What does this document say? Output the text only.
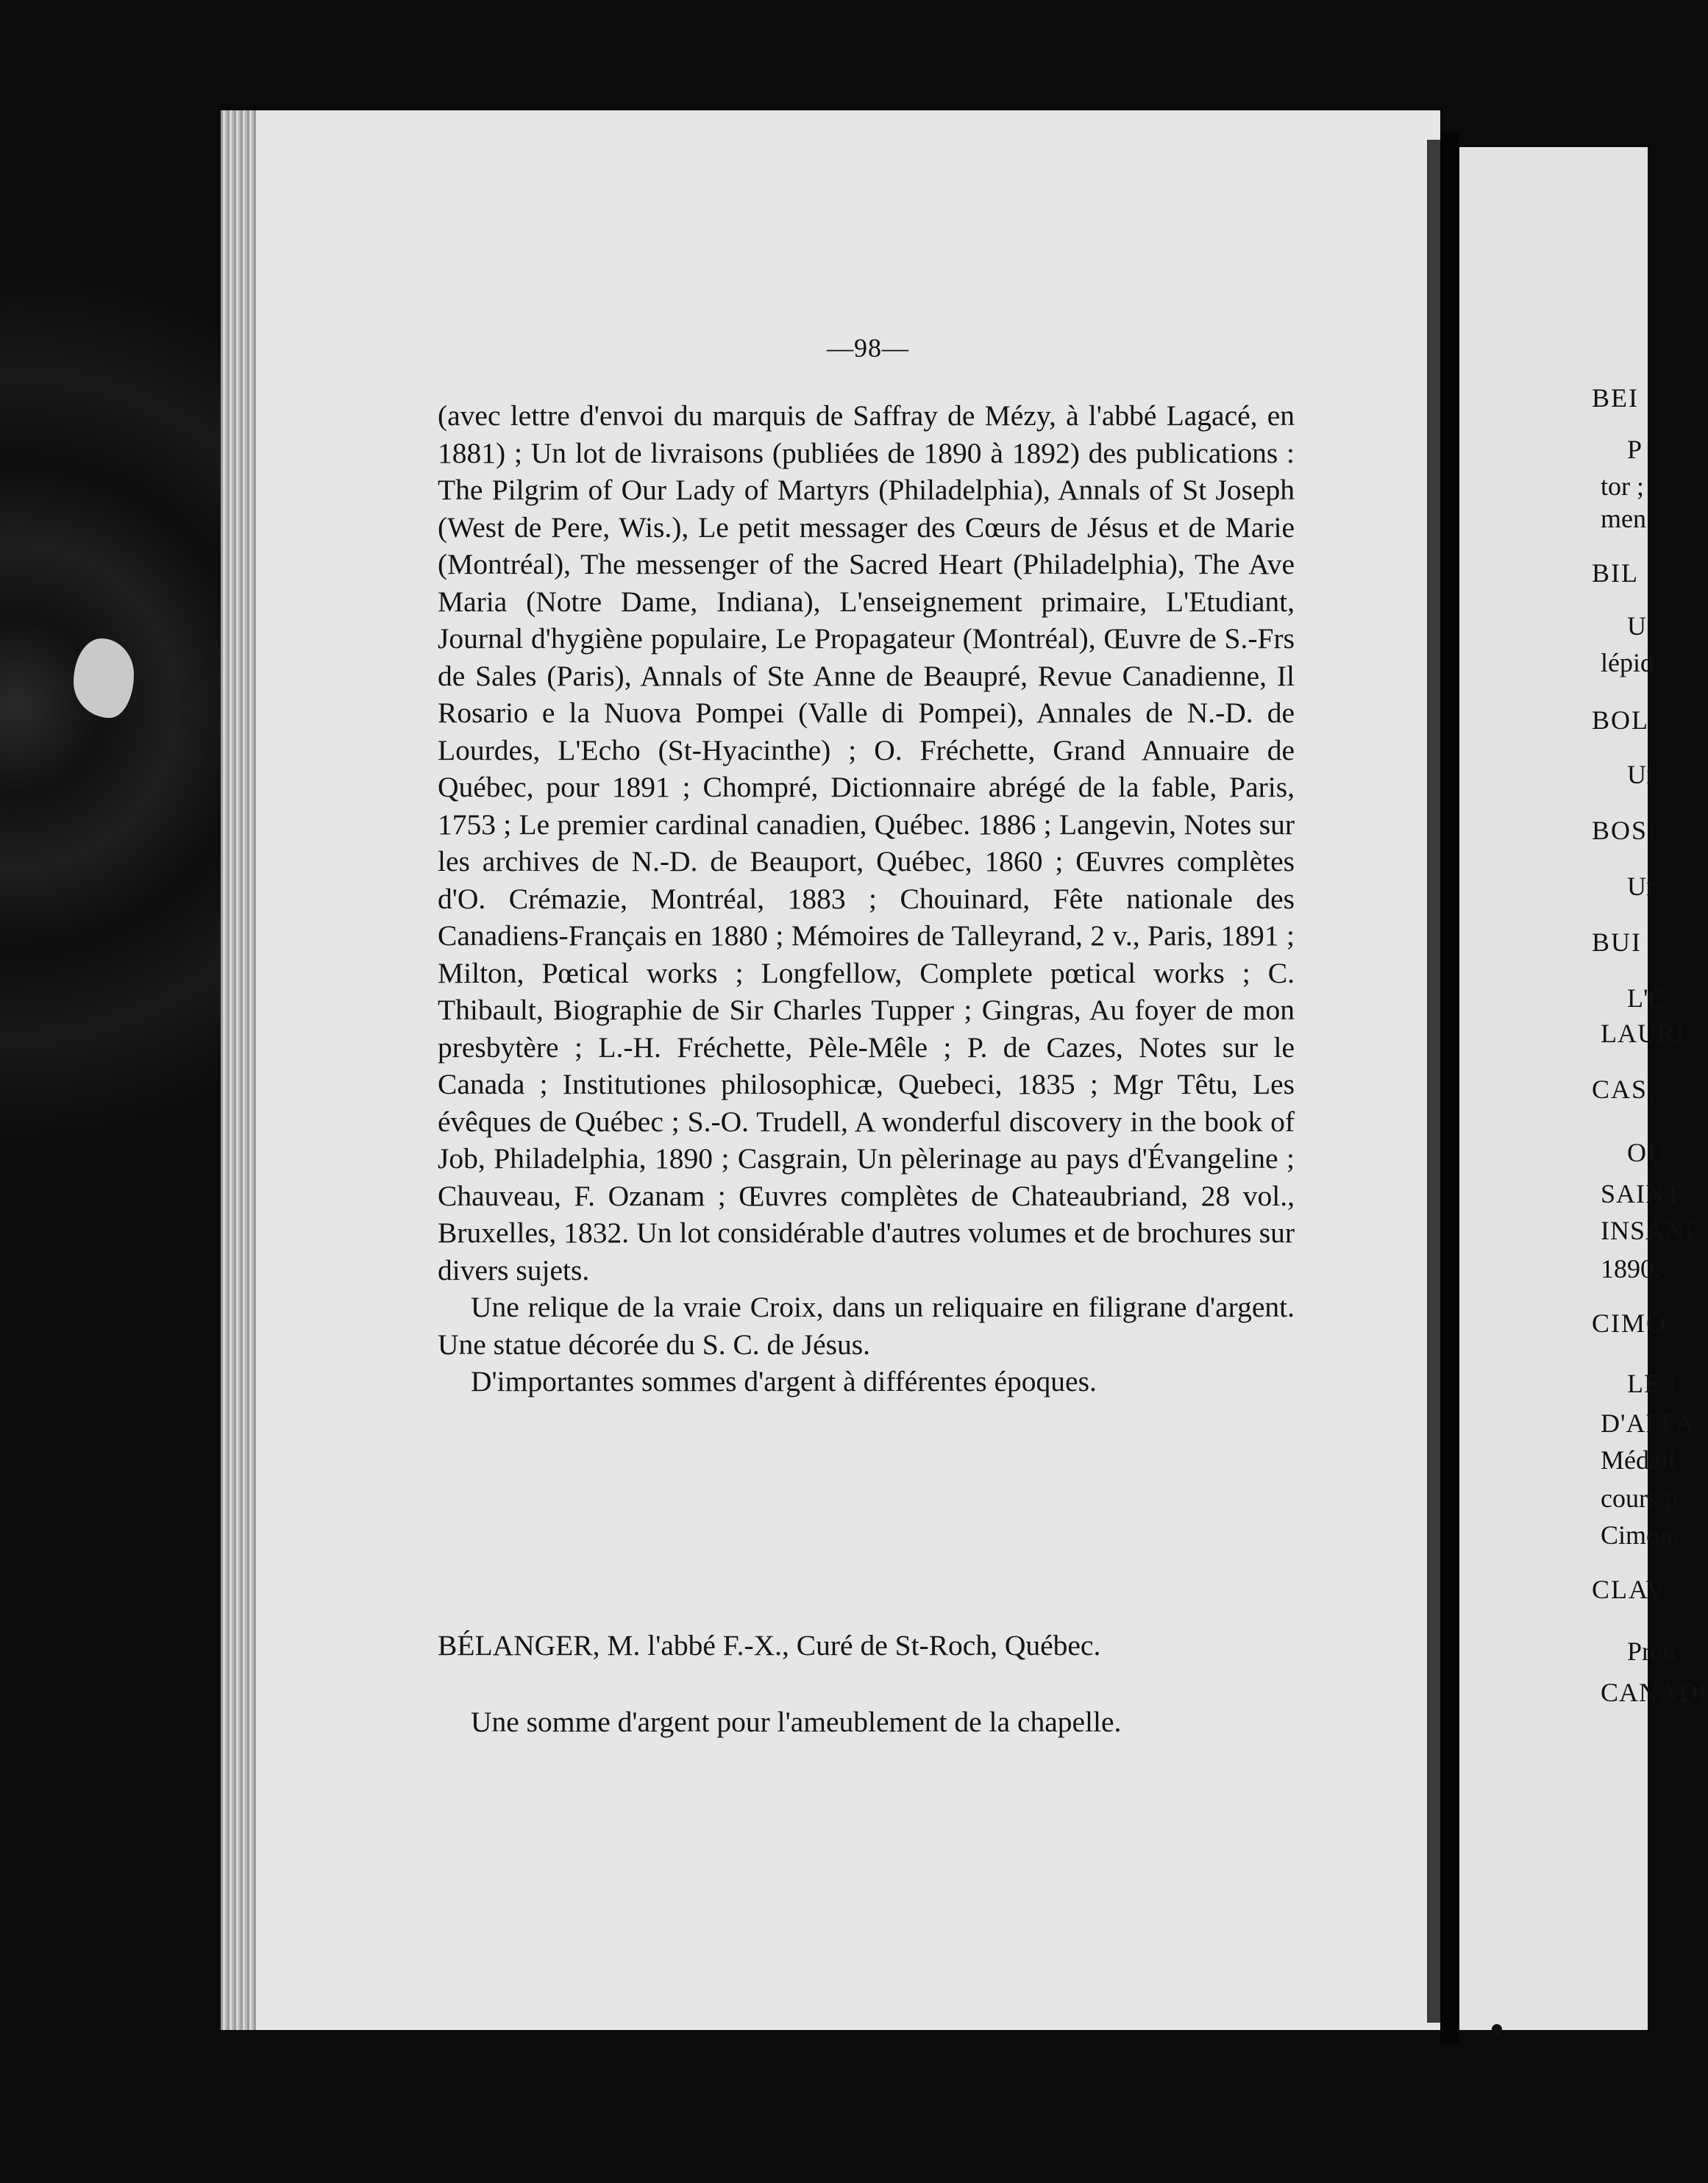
—98—

(avec lettre d'envoi du marquis de Saffray de Mézy, à l'abbé Lagacé, en 1881) ; Un lot de livraisons (publiées de 1890 à 1892) des publications : The Pilgrim of Our Lady of Martyrs (Philadelphia), Annals of St Joseph (West de Pere, Wis.), Le petit messager des Cœurs de Jésus et de Marie (Montréal), The messenger of the Sacred Heart (Philadelphia), The Ave Maria (Notre Dame, Indiana), L'enseignement primaire, L'Etudiant, Journal d'hygiène populaire, Le Propagateur (Montréal), Œuvre de S.-Frs de Sales (Paris), Annals of Ste Anne de Beaupré, Revue Canadienne, Il Rosario e la Nuova Pompei (Valle di Pompei), Annales de N.-D. de Lourdes, L'Echo (St-Hyacinthe) ; O. Fréchette, Grand Annuaire de Québec, pour 1891 ; Chompré, Dictionnaire abrégé de la fable, Paris, 1753 ; Le premier cardinal canadien, Québec. 1886 ; Langevin, Notes sur les archives de N.-D. de Beauport, Québec, 1860 ; Œuvres complètes d'O. Crémazie, Montréal, 1883 ; Chouinard, Fête nationale des Canadiens-Français en 1880 ; Mémoires de Talleyrand, 2 v., Paris, 1891 ; Milton, Pœtical works ; Longfellow, Complete pœtical works ; C. Thibault, Biographie de Sir Charles Tupper ; Gingras, Au foyer de mon presbytère ; L.-H. Fréchette, Pèle-Mêle ; P. de Cazes, Notes sur le Canada ; Institutiones philosophicæ, Quebeci, 1835 ; Mgr Têtu, Les évêques de Québec ; S.-O. Trudell, A wonderful discovery in the book of Job, Philadelphia, 1890 ; Casgrain, Un pèlerinage au pays d'Évangeline ; Chauveau, F. Ozanam ; Œuvres complètes de Chateaubriand, 28 vol., Bruxelles, 1832. Un lot considérable d'autres volumes et de brochures sur divers sujets.

Une relique de la vraie Croix, dans un reliquaire en filigrane d'argent. Une statue décorée du S. C. de Jésus.

D'importantes sommes d'argent à différentes époques.

BÉLANGER, M. l'abbé F.-X., Curé de St-Roch, Québec.
Une somme d'argent pour l'ameublement de la chapelle.
BEI
P
tor ;
men
BIL
U
lépid
BOL
Ui
BOS:
Ur
BUI
L'C
LAURI
CAS.
OU
SAINT
INSANI
1890.
CIMO
LE I
D'AFFA
Médail
cours p
Cimon.
CLAV
Pren
CANADI
